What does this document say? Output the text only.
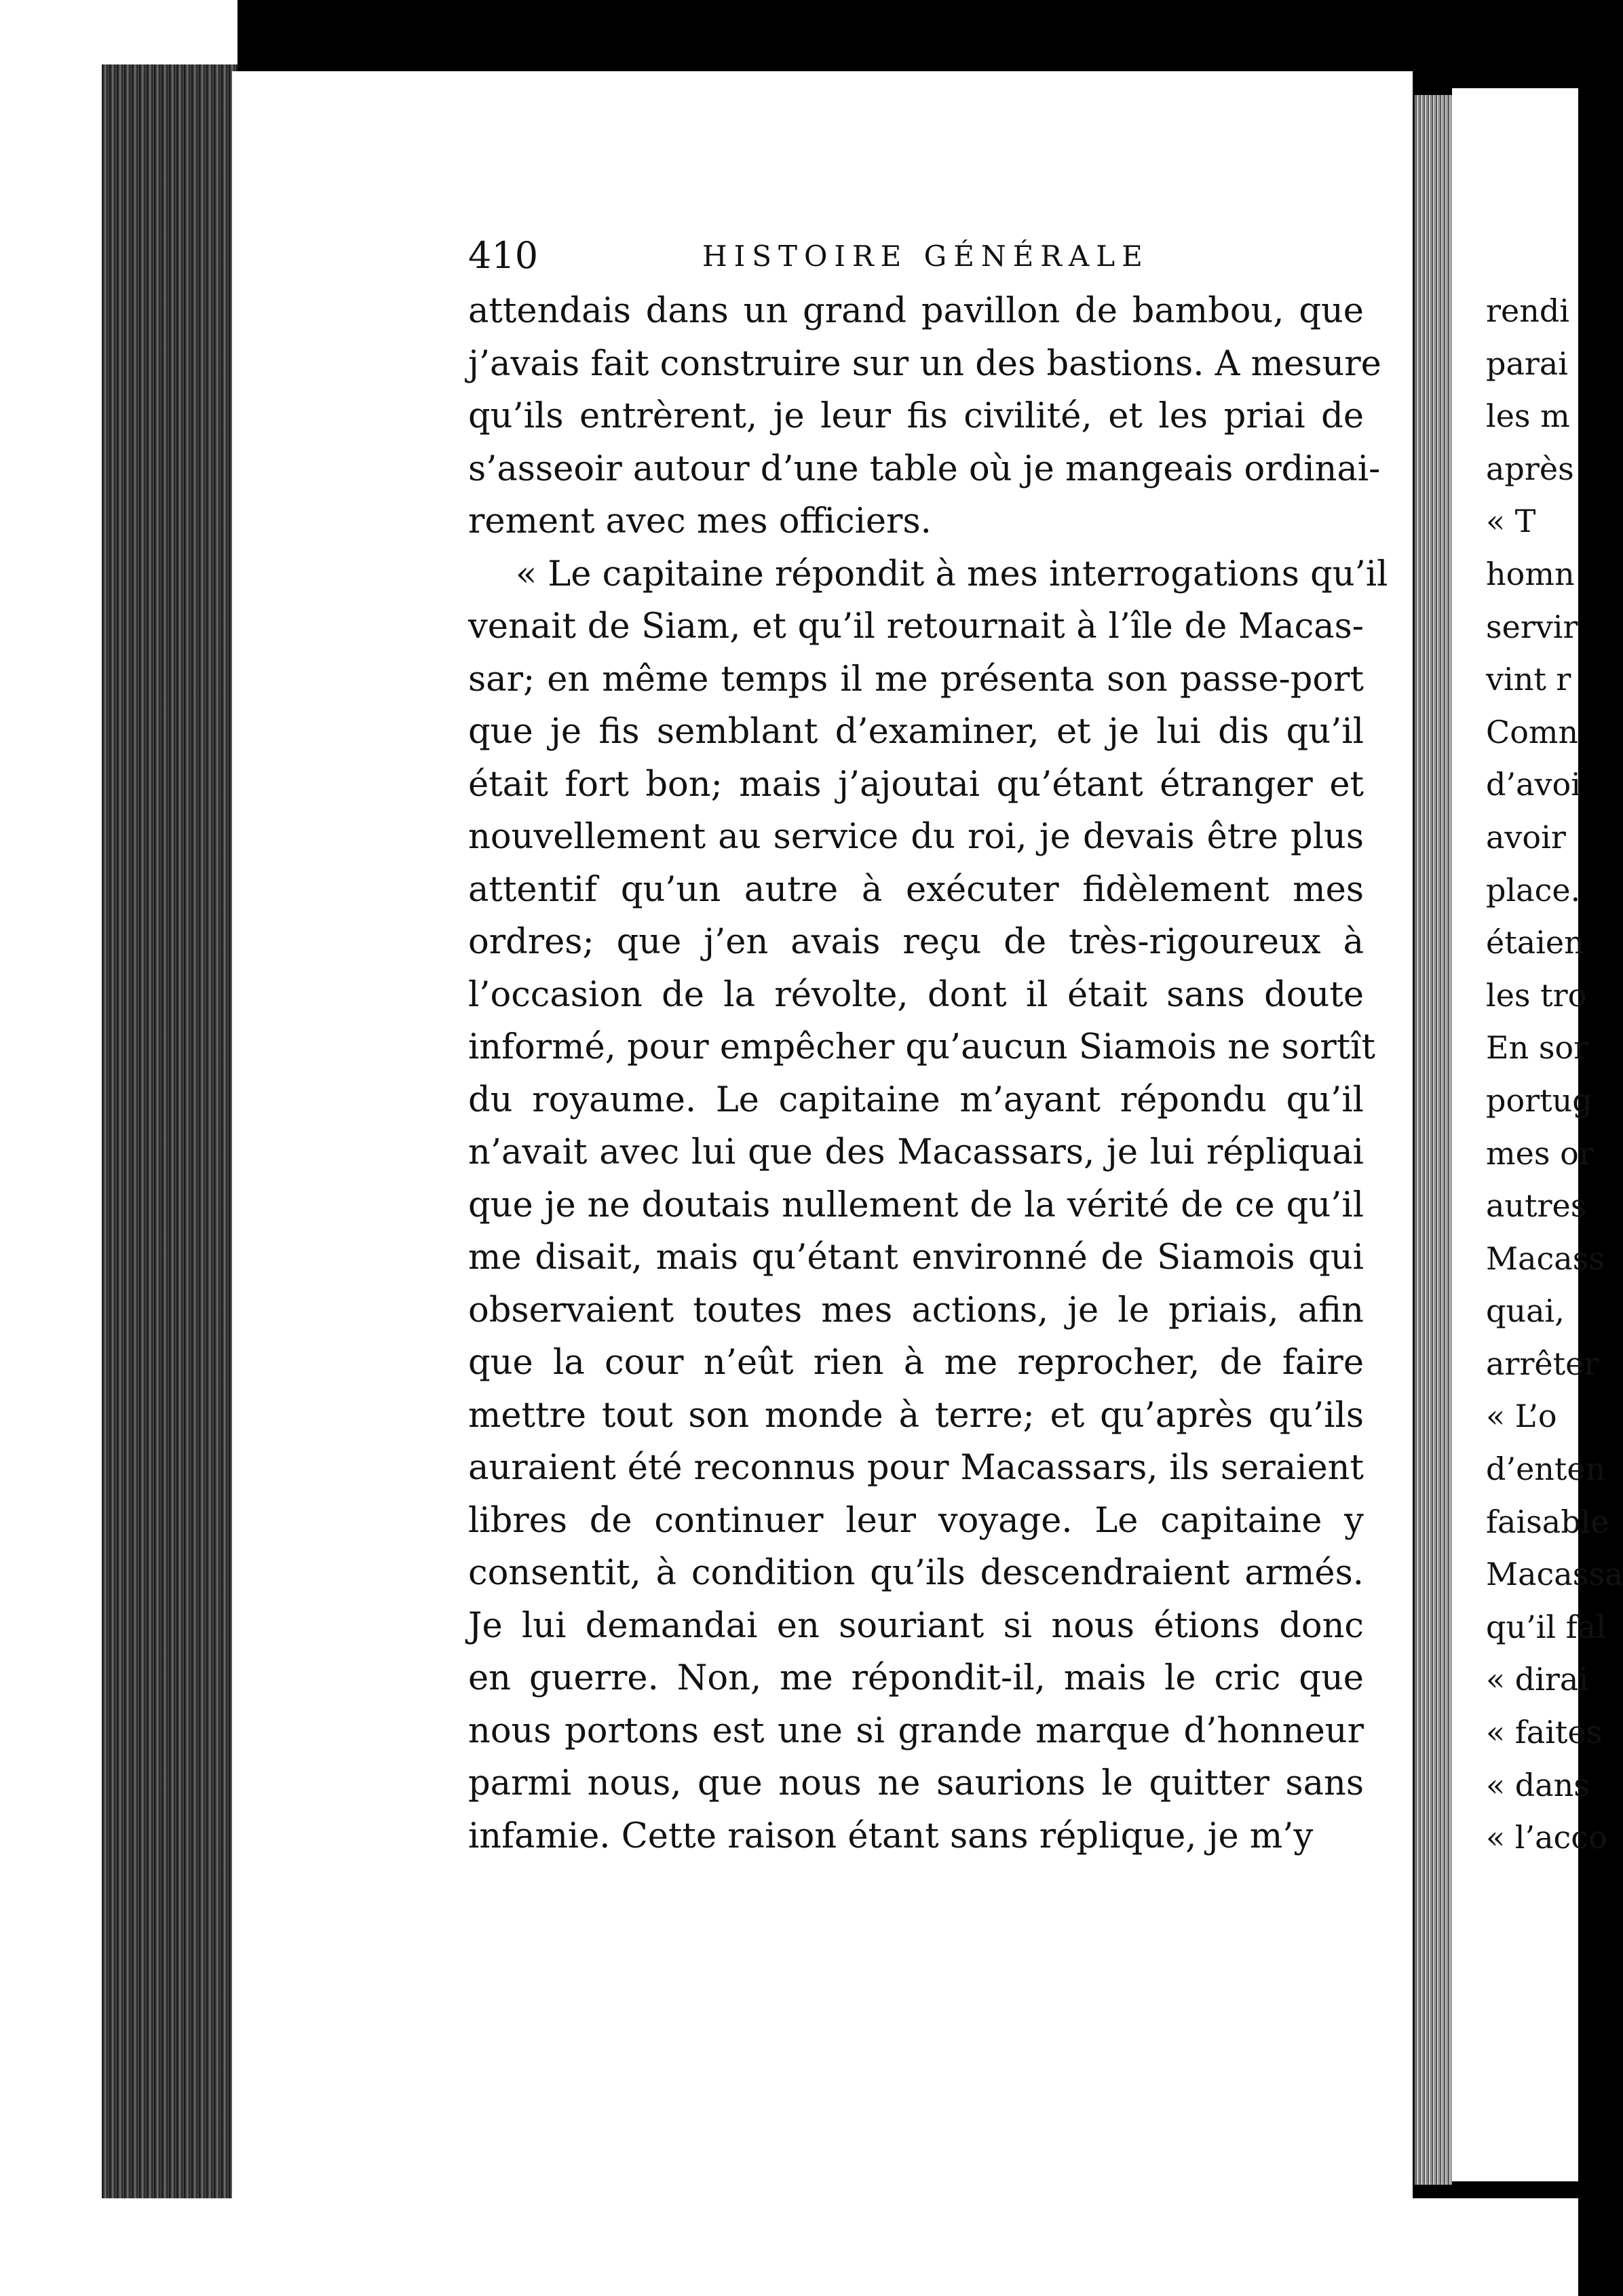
410	HISTOIRE GÉNÉRALE
attendais dans un grand pavillon de bambou, que
j’avais fait construire sur un des bastions. A mesure
qu’ils entrèrent, je leur fis civilité, et les priai de
s’asseoir autour d’une table où je mangeais ordinai-
rement avec mes officiers.
« Le capitaine répondit à mes interrogations qu’il
venait de Siam, et qu’il retournait à l’île de Macas-
sar; en même temps il me présenta son passe-port
que je fis semblant d’examiner, et je lui dis qu’il
était fort bon; mais j’ajoutai qu’étant étranger et
nouvellement au service du roi, je devais être plus
attentif qu’un autre à exécuter fidèlement mes
ordres; que j’en avais reçu de très-rigoureux à
l’occasion de la révolte, dont il était sans doute
informé, pour empêcher qu’aucun Siamois ne sortît
du royaume. Le capitaine m’ayant répondu qu’il
n’avait avec lui que des Macassars, je lui répliquai
que je ne doutais nullement de la vérité de ce qu’il
me disait, mais qu’étant environné de Siamois qui
observaient toutes mes actions, je le priais, afin
que la cour n’eût rien à me reprocher, de faire
mettre tout son monde à terre; et qu’après qu’ils
auraient été reconnus pour Macassars, ils seraient
libres de continuer leur voyage. Le capitaine y
consentit, à condition qu’ils descendraient armés.
Je lui demandai en souriant si nous étions donc
en guerre. Non, me répondit-il, mais le cric que
nous portons est une si grande marque d’honneur
parmi nous, que nous ne saurions le quitter sans
infamie. Cette raison étant sans réplique, je m’y
rendi
parai
les m
après
« T
homn
servir
vint r
Comn
d’avoi
avoir
place.
étaien
les tro
En sor
portug
mes or
autres
Macass
quai,
arrêter
« L’o
d’enten
faisable
Macassa
qu’il fal
« dirai
« faites
« dans
« l’acco
